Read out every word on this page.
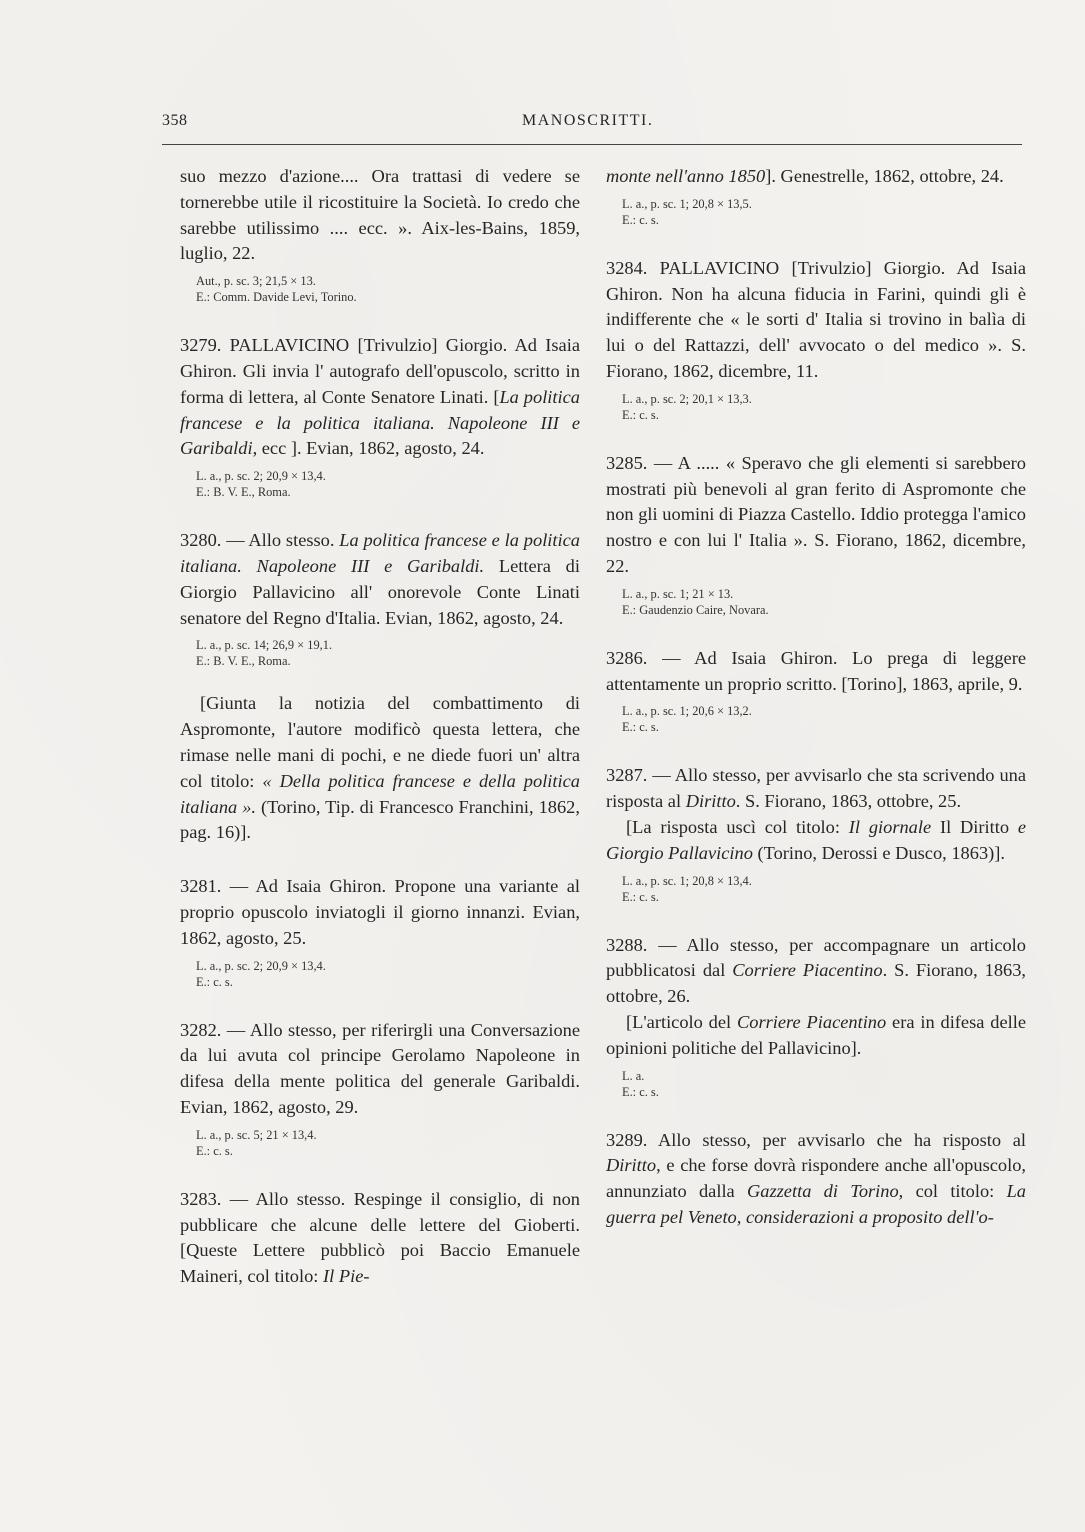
358	MANOSCRITTI.

suo mezzo d'azione.... Ora trattasi di vedere se tornerebbe utile il ricostituire la Società. Io credo che sarebbe utilissimo .... ecc. ». Aix-les-Bains, 1859, luglio, 22.

Aut., p. sc. 3; 21,5 × 13.
E.: Comm. Davide Levi, Torino.

3279. PALLAVICINO [Trivulzio] Giorgio. Ad Isaia Ghiron. Gli invia l' autografo dell'opuscolo, scritto in forma di lettera, al Conte Senatore Linati. [La politica francese e la politica italiana. Napoleone III e Garibaldi, ecc ]. Evian, 1862, agosto, 24.

L. a., p. sc. 2; 20,9 × 13,4.
E.: B. V. E., Roma.

3280. — Allo stesso. La politica francese e la politica italiana. Napoleone III e Garibaldi. Lettera di Giorgio Pallavicino all' onorevole Conte Linati senatore del Regno d'Italia. Evian, 1862, agosto, 24.

L. a., p. sc. 14; 26,9 × 19,1.
E.: B. V. E., Roma.

[Giunta la notizia del combattimento di Aspromonte, l'autore modificò questa lettera, che rimase nelle mani di pochi, e ne diede fuori un' altra col titolo: « Della politica francese e della politica italiana ». (Torino, Tip. di Francesco Franchini, 1862, pag. 16)].

3281. — Ad Isaia Ghiron. Propone una variante al proprio opuscolo inviatogli il giorno innanzi. Evian, 1862, agosto, 25.

L. a., p. sc. 2; 20,9 × 13,4.
E.: c. s.

3282. — Allo stesso, per riferirgli una Conversazione da lui avuta col principe Gerolamo Napoleone in difesa della mente politica del generale Garibaldi. Evian, 1862, agosto, 29.

L. a., p. sc. 5; 21 × 13,4.
E.: c. s.

3283. — Allo stesso. Respinge il consiglio, di non pubblicare che alcune delle lettere del Gioberti. [Queste Lettere pubblicò poi Baccio Emanuele Maineri, col titolo: Il Pie-

monte nell'anno 1850]. Genestrelle, 1862, ottobre, 24.

L. a., p. sc. 1; 20,8 × 13,5.
E.: c. s.

3284. PALLAVICINO [Trivulzio] Giorgio. Ad Isaia Ghiron. Non ha alcuna fiducia in Farini, quindi gli è indifferente che « le sorti d' Italia si trovino in balìa di lui o del Rattazzi, dell' avvocato o del medico ». S. Fiorano, 1862, dicembre, 11.

L. a., p. sc. 2; 20,1 × 13,3.
E.: c. s.

3285. — A ..... « Speravo che gli elementi si sarebbero mostrati più benevoli al gran ferito di Aspromonte che non gli uomini di Piazza Castello. Iddio protegga l'amico nostro e con lui l' Italia ». S. Fiorano, 1862, dicembre, 22.

L. a., p. sc. 1; 21 × 13.
E.: Gaudenzio Caire, Novara.

3286. — Ad Isaia Ghiron. Lo prega di leggere attentamente un proprio scritto. [Torino], 1863, aprile, 9.

L. a., p. sc. 1; 20,6 × 13,2.
E.: c. s.

3287. — Allo stesso, per avvisarlo che sta scrivendo una risposta al Diritto. S. Fiorano, 1863, ottobre, 25.

[La risposta uscì col titolo: Il giornale Il Diritto e Giorgio Pallavicino (Torino, Derossi e Dusco, 1863)].

L. a., p. sc. 1; 20,8 × 13,4.
E.: c. s.

3288. — Allo stesso, per accompagnare un articolo pubblicatosi dal Corriere Piacentino. S. Fiorano, 1863, ottobre, 26.

[L'articolo del Corriere Piacentino era in difesa delle opinioni politiche del Pallavicino].

L. a.
E.: c. s.

3289. Allo stesso, per avvisarlo che ha risposto al Diritto, e che forse dovrà rispondere anche all'opuscolo, annunziato dalla Gazzetta di Torino, col titolo: La guerra pel Veneto, considerazioni a proposito dell'o-
